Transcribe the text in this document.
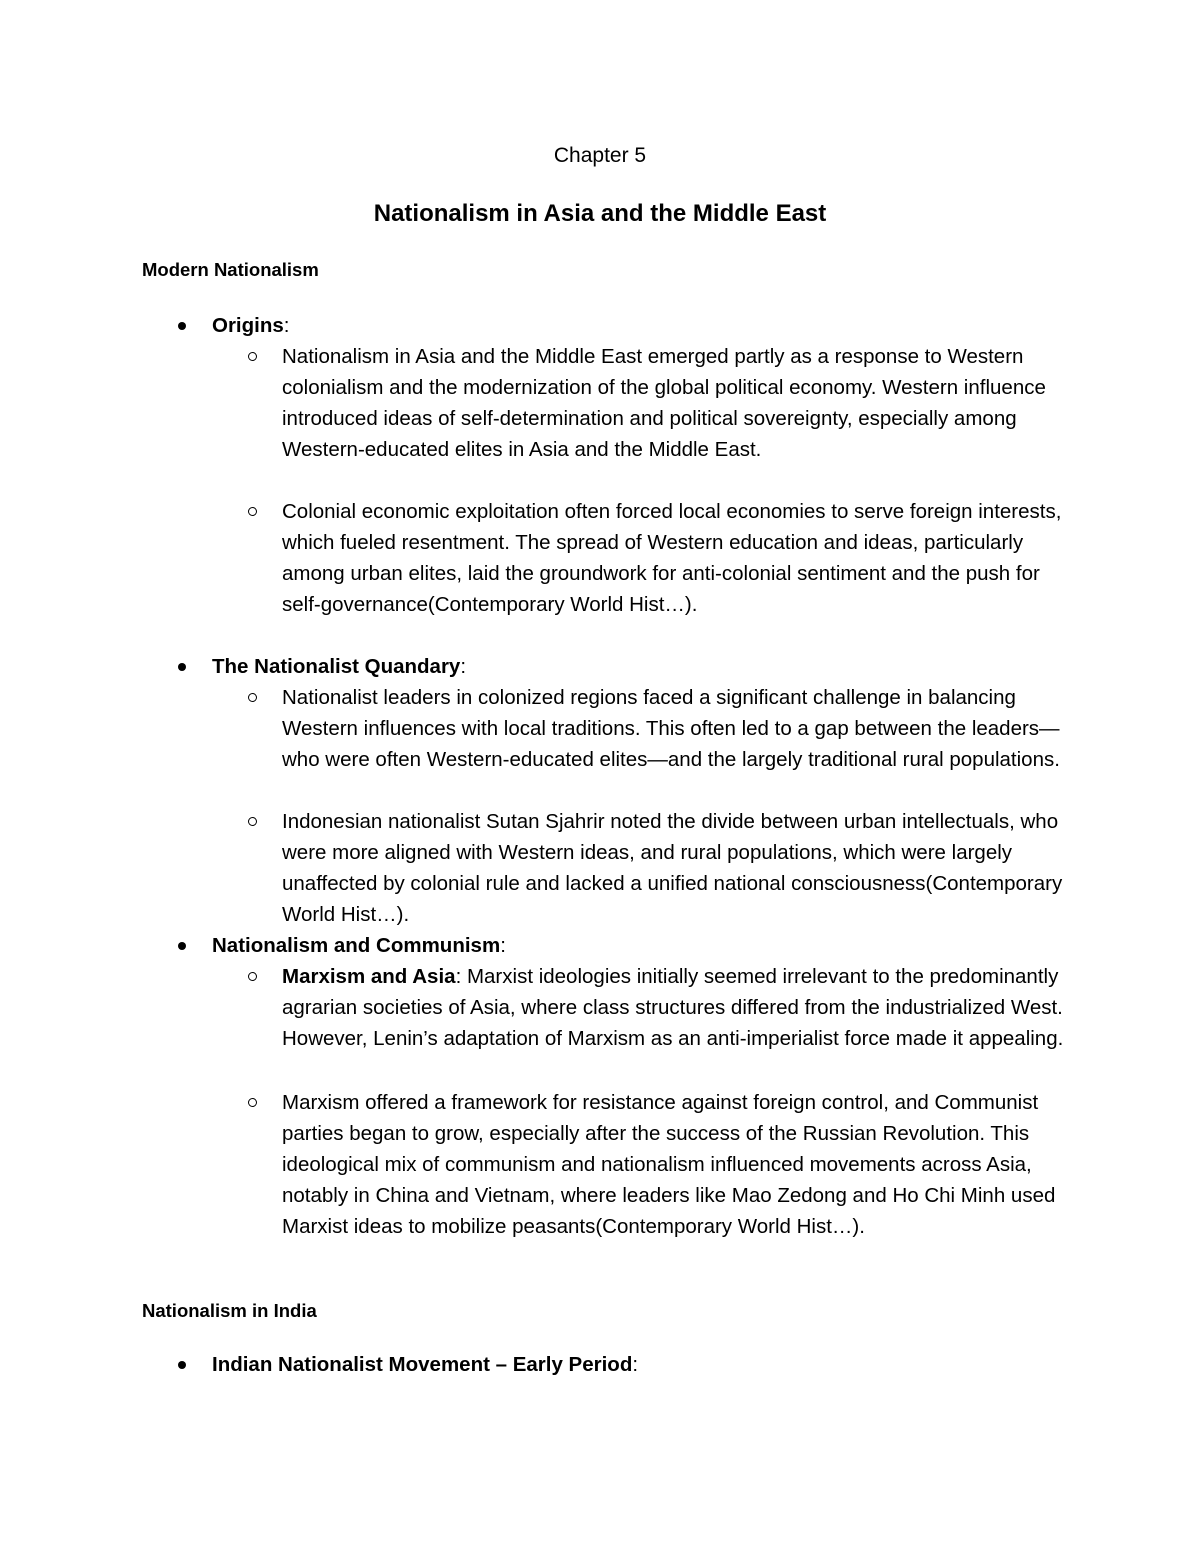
Chapter 5
Nationalism in Asia and the Middle East
Modern Nationalism
Origins:
Nationalism in Asia and the Middle East emerged partly as a response to Western colonialism and the modernization of the global political economy. Western influence introduced ideas of self-determination and political sovereignty, especially among Western-educated elites in Asia and the Middle East.
Colonial economic exploitation often forced local economies to serve foreign interests, which fueled resentment. The spread of Western education and ideas, particularly among urban elites, laid the groundwork for anti-colonial sentiment and the push for self-governance(Contemporary World Hist…).
The Nationalist Quandary:
Nationalist leaders in colonized regions faced a significant challenge in balancing Western influences with local traditions. This often led to a gap between the leaders—who were often Western-educated elites—and the largely traditional rural populations.
Indonesian nationalist Sutan Sjahrir noted the divide between urban intellectuals, who were more aligned with Western ideas, and rural populations, which were largely unaffected by colonial rule and lacked a unified national consciousness(Contemporary World Hist…).
Nationalism and Communism:
Marxism and Asia: Marxist ideologies initially seemed irrelevant to the predominantly agrarian societies of Asia, where class structures differed from the industrialized West. However, Lenin’s adaptation of Marxism as an anti-imperialist force made it appealing.
Marxism offered a framework for resistance against foreign control, and Communist parties began to grow, especially after the success of the Russian Revolution. This ideological mix of communism and nationalism influenced movements across Asia, notably in China and Vietnam, where leaders like Mao Zedong and Ho Chi Minh used Marxist ideas to mobilize peasants(Contemporary World Hist…).
Nationalism in India
Indian Nationalist Movement – Early Period:
